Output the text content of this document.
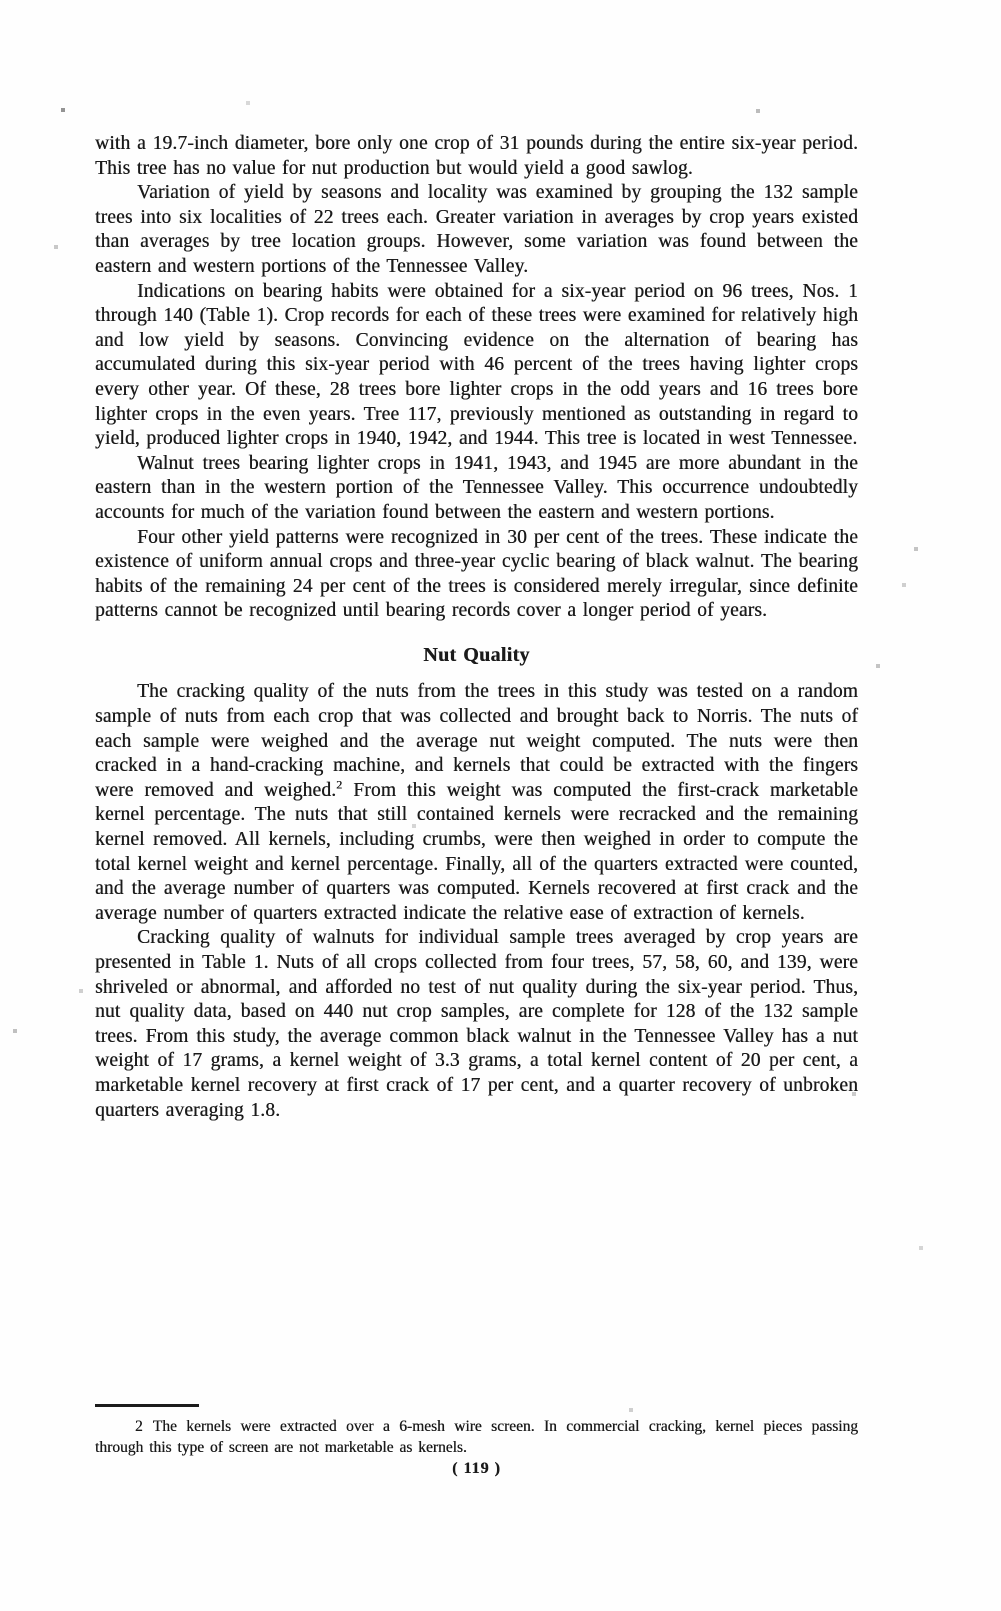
with a 19.7-inch diameter, bore only one crop of 31 pounds during the entire six-year period. This tree has no value for nut production but would yield a good sawlog.

Variation of yield by seasons and locality was examined by grouping the 132 sample trees into six localities of 22 trees each. Greater variation in averages by crop years existed than averages by tree location groups. However, some variation was found between the eastern and western portions of the Tennessee Valley.

Indications on bearing habits were obtained for a six-year period on 96 trees, Nos. 1 through 140 (Table 1). Crop records for each of these trees were examined for relatively high and low yield by seasons. Convincing evidence on the alternation of bearing has accumulated during this six-year period with 46 percent of the trees having lighter crops every other year. Of these, 28 trees bore lighter crops in the odd years and 16 trees bore lighter crops in the even years. Tree 117, previously mentioned as outstanding in regard to yield, produced lighter crops in 1940, 1942, and 1944. This tree is located in west Tennessee.

Walnut trees bearing lighter crops in 1941, 1943, and 1945 are more abundant in the eastern than in the western portion of the Tennessee Valley. This occurrence undoubtedly accounts for much of the variation found between the eastern and western portions.

Four other yield patterns were recognized in 30 per cent of the trees. These indicate the existence of uniform annual crops and three-year cyclic bearing of black walnut. The bearing habits of the remaining 24 per cent of the trees is considered merely irregular, since definite patterns cannot be recognized until bearing records cover a longer period of years.

Nut Quality

The cracking quality of the nuts from the trees in this study was tested on a random sample of nuts from each crop that was collected and brought back to Norris. The nuts of each sample were weighed and the average nut weight computed. The nuts were then cracked in a hand-cracking machine, and kernels that could be extracted with the fingers were removed and weighed.$^2$ From this weight was computed the first-crack marketable kernel percentage. The nuts that still contained kernels were recracked and the remaining kernel removed. All kernels, including crumbs, were then weighed in order to compute the total kernel weight and kernel percentage. Finally, all of the quarters extracted were counted, and the average number of quarters was computed. Kernels recovered at first crack and the average number of quarters extracted indicate the relative ease of extraction of kernels.

Cracking quality of walnuts for individual sample trees averaged by crop years are presented in Table 1. Nuts of all crops collected from four trees, 57, 58, 60, and 139, were shriveled or abnormal, and afforded no test of nut quality during the six-year period. Thus, nut quality data, based on 440 nut crop samples, are complete for 128 of the 132 sample trees. From this study, the average common black walnut in the Tennessee Valley has a nut weight of 17 grams, a kernel weight of 3.3 grams, a total kernel content of 20 per cent, a marketable kernel recovery at first crack of 17 per cent, and a quarter recovery of unbroken quarters averaging 1.8.

2 The kernels were extracted over a 6-mesh wire screen. In commercial cracking, kernel pieces passing through this type of screen are not marketable as kernels.

( 119 )
